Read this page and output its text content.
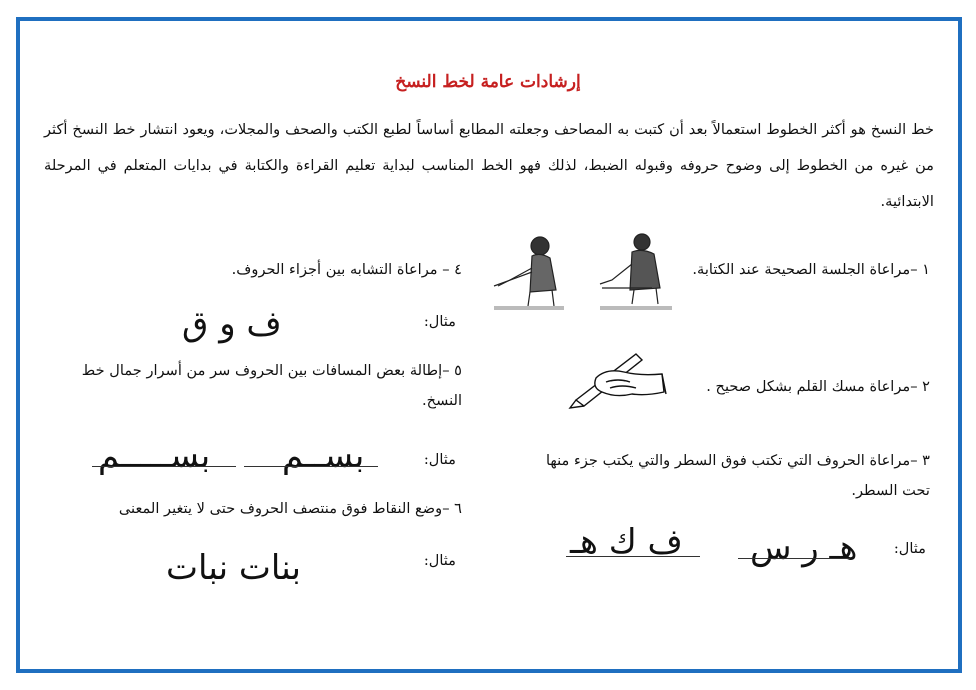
إرشادات عامة لخط النسخ
خط النسخ هو أكثر الخطوط استعمالاً بعد أن كتبت به المصاحف وجعلته المطابع أساساً لطبع الكتب والصحف والمجلات، ويعود انتشار خط النسخ أكثر من غيره من الخطوط إلى وضوح حروفه وقبوله الضبط، لذلك فهو الخط المناسب لبداية تعليم القراءة والكتابة في بدايات المتعلم في المرحلة الابتدائية.
١ –مراعاة الجلسة الصحيحة عند الكتابة.
٢ –مراعاة مسك القلم بشكل صحيح .
٣ –مراعاة الحروف التي تكتب فوق السطر والتي يكتب جزء منها تحت السطر.
مثال:
هـ ر س
ف ك هـ
٤ – مراعاة التشابه بين أجزاء الحروف.
مثال:
ف و ق
٥ –إطالة بعض المسافات بين الحروف سر من أسرار جمال خط النسخ.
مثال:
بســم
بســـــم
٦ –وضع النقاط فوق منتصف الحروف حتى لا يتغير المعنى
مثال:
بنات نبات
